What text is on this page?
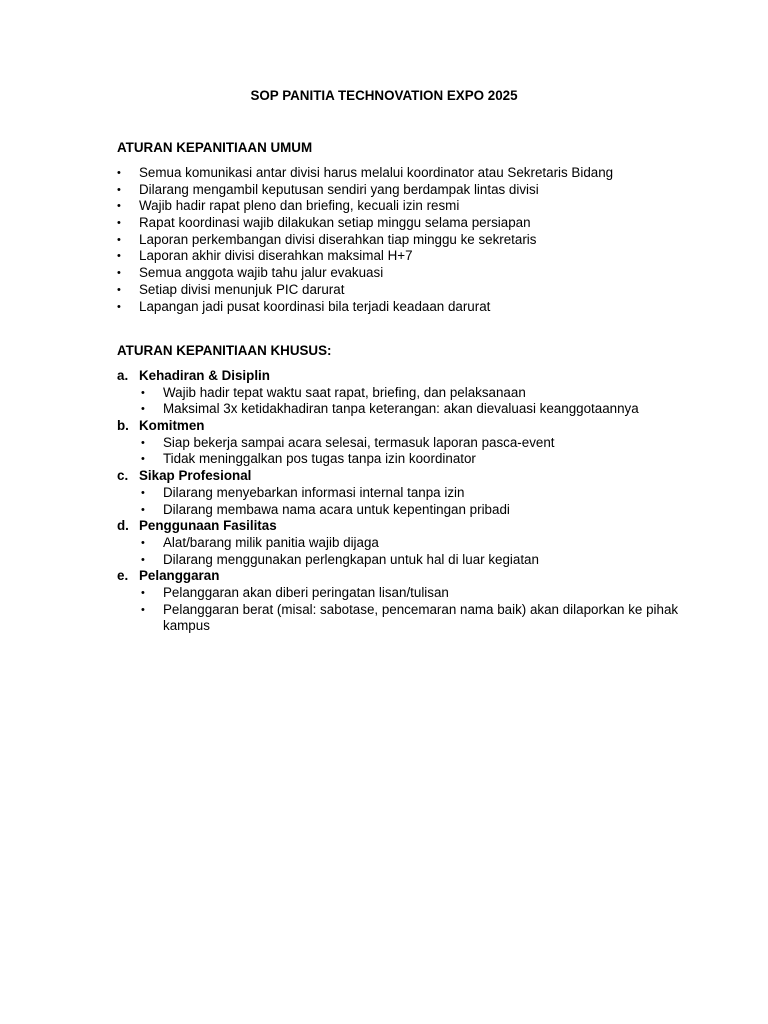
SOP PANITIA TECHNOVATION EXPO 2025
ATURAN KEPANITIAAN UMUM
•	Semua komunikasi antar divisi harus melalui koordinator atau Sekretaris Bidang
•	Dilarang mengambil keputusan sendiri yang berdampak lintas divisi
•	Wajib hadir rapat pleno dan briefing, kecuali izin resmi
•	Rapat koordinasi wajib dilakukan setiap minggu selama persiapan
•	Laporan perkembangan divisi diserahkan tiap minggu ke sekretaris
•	Laporan akhir divisi diserahkan maksimal H+7
•	Semua anggota wajib tahu jalur evakuasi
•	Setiap divisi menunjuk PIC darurat
•	Lapangan jadi pusat koordinasi bila terjadi keadaan darurat
ATURAN KEPANITIAAN KHUSUS:
a. Kehadiran & Disiplin
•	Wajib hadir tepat waktu saat rapat, briefing, dan pelaksanaan
•	Maksimal 3x ketidakhadiran tanpa keterangan: akan dievaluasi keanggotaannya
b. Komitmen
•	Siap bekerja sampai acara selesai, termasuk laporan pasca-event
•	Tidak meninggalkan pos tugas tanpa izin koordinator
c. Sikap Profesional
•	Dilarang menyebarkan informasi internal tanpa izin
•	Dilarang membawa nama acara untuk kepentingan pribadi
d. Penggunaan Fasilitas
•	Alat/barang milik panitia wajib dijaga
•	Dilarang menggunakan perlengkapan untuk hal di luar kegiatan
e. Pelanggaran
•	Pelanggaran akan diberi peringatan lisan/tulisan
•	Pelanggaran berat (misal: sabotase, pencemaran nama baik) akan dilaporkan ke pihak kampus
